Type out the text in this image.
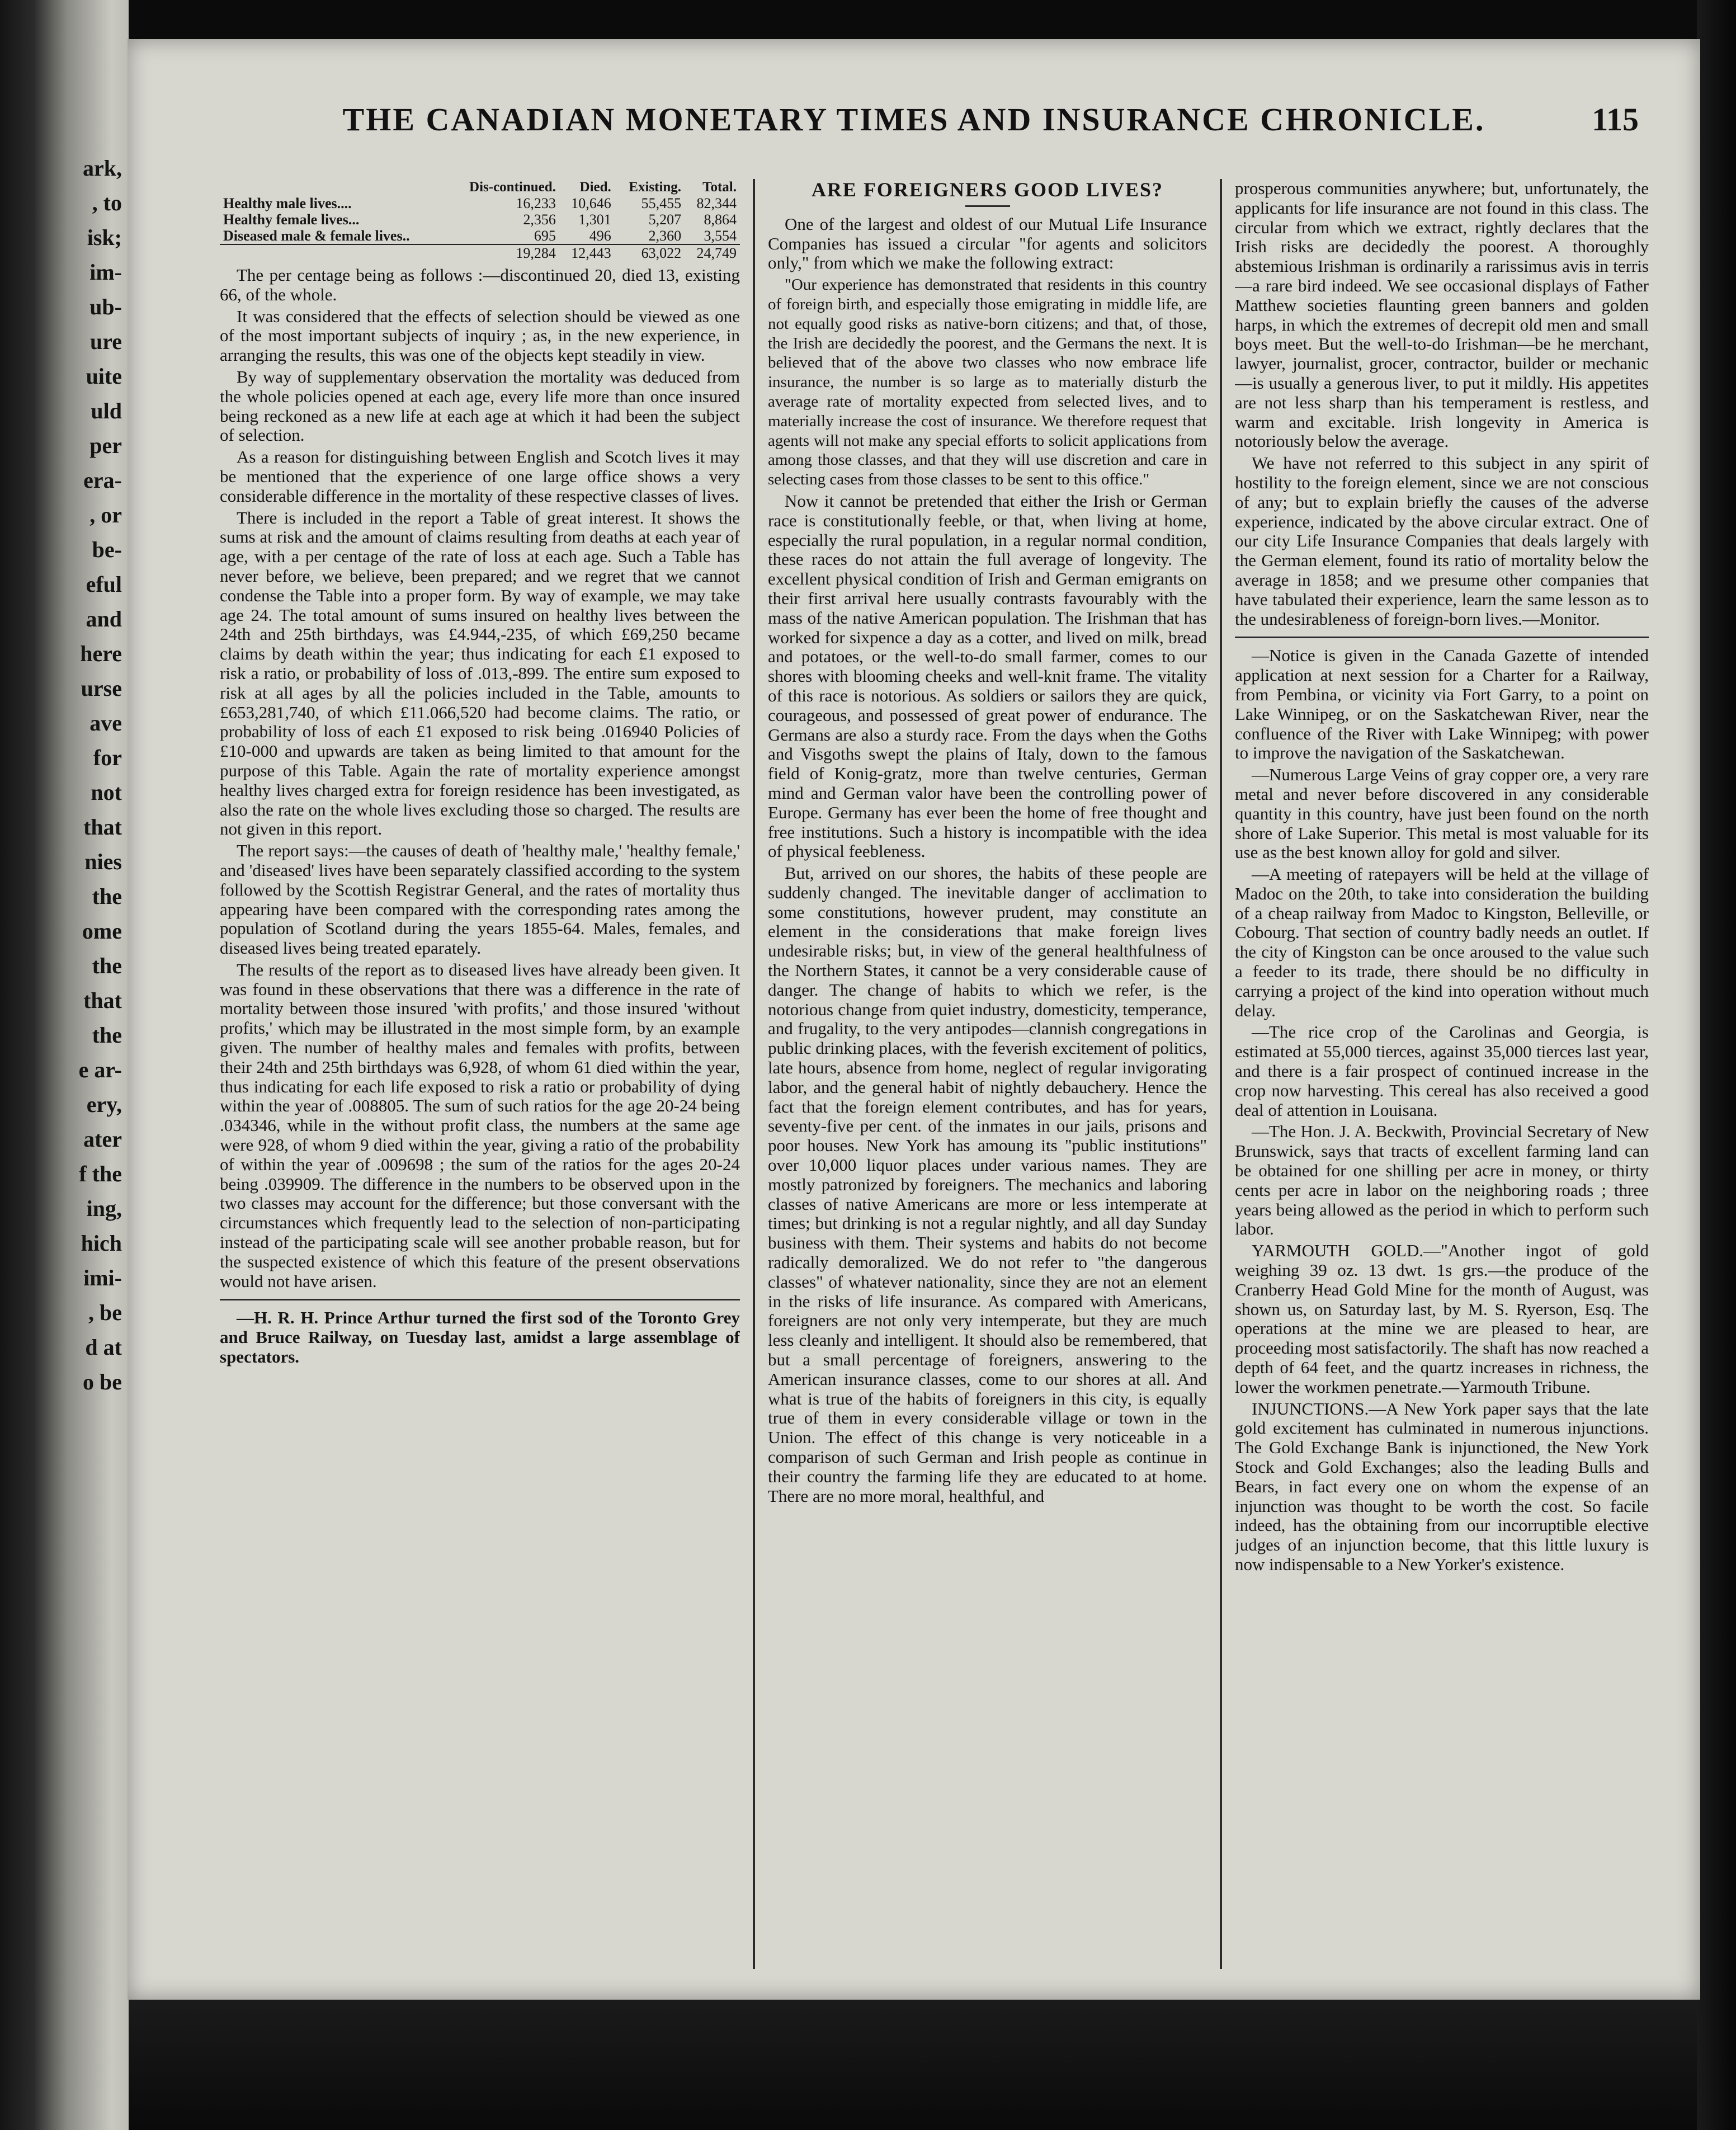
ark,
, to
isk;
im-
ub-
ure
uite
uld
per
era-
, or
be-
eful
and
here
urse
ave
for
not
that
nies
the
ome
the
that
the
e ar-
ery,
ater
f the
ing,
hich
imi-
, be
d at
o be
THE CANADIAN MONETARY TIMES AND INSURANCE CHRONICLE.	115
	Dis-continued.	Died.	Existing.	Total.
Healthy male lives....	16,233	10,646	55,455	82,344
Healthy female lives...	2,356	1,301	5,207	8,864
Diseased male & female lives..	695	496	2,360	3,554
	19,284	12,443	63,022	24,749

The per centage being as follows :—discontinued 20, died 13, existing 66, of the whole.

It was considered that the effects of selection should be viewed as one of the most important subjects of inquiry ; as, in the new experience, in arranging the results, this was one of the objects kept steadily in view.

By way of supplementary observation the mortality was deduced from the whole policies opened at each age, every life more than once insured being reckoned as a new life at each age at which it had been the subject of selection.

As a reason for distinguishing between English and Scotch lives it may be mentioned that the experience of one large office shows a very considerable difference in the mortality of these respective classes of lives.

There is included in the report a Table of great interest. It shows the sums at risk and the amount of claims resulting from deaths at each year of age, with a per centage of the rate of loss at each age. Such a Table has never before, we believe, been prepared; and we regret that we cannot condense the Table into a proper form. By way of example, we may take age 24. The total amount of sums insured on healthy lives between the 24th and 25th birthdays, was £4.944,-235, of which £69,250 became claims by death within the year; thus indicating for each £1 exposed to risk a ratio, or probability of loss of .013,-899. The entire sum exposed to risk at all ages by all the policies included in the Table, amounts to £653,281,740, of which £11.066,520 had become claims. The ratio, or probability of loss of each £1 exposed to risk being .016940 Policies of £10-000 and upwards are taken as being limited to that amount for the purpose of this Table. Again the rate of mortality experience amongst healthy lives charged extra for foreign residence has been investigated, as also the rate on the whole lives excluding those so charged. The results are not given in this report.

The report says:—the causes of death of 'healthy male,' 'healthy female,' and 'diseased' lives have been separately classified according to the system followed by the Scottish Registrar General, and the rates of mortality thus appearing have been compared with the corresponding rates among the population of Scotland during the years 1855-64. Males, females, and diseased lives being treated eparately.

The results of the report as to diseased lives have already been given. It was found in these observations that there was a difference in the rate of mortality between those insured 'with profits,' and those insured 'without profits,' which may be illustrated in the most simple form, by an example given. The number of healthy males and females with profits, between their 24th and 25th birthdays was 6,928, of whom 61 died within the year, thus indicating for each life exposed to risk a ratio or probability of dying within the year of .008805. The sum of such ratios for the age 20-24 being .034346, while in the without profit class, the numbers at the same age were 928, of whom 9 died within the year, giving a ratio of the probability of within the year of .009698 ; the sum of the ratios for the ages 20-24 being .039909. The difference in the numbers to be observed upon in the two classes may account for the difference; but those conversant with the circumstances which frequently lead to the selection of non-participating instead of the participating scale will see another probable reason, but for the suspected existence of which this feature of the present observations would not have arisen.

—H. R. H. Prince Arthur turned the first sod of the Toronto Grey and Bruce Railway, on Tuesday last, amidst a large assemblage of spectators.

ARE FOREIGNERS GOOD LIVES?

One of the largest and oldest of our Mutual Life Insurance Companies has issued a circular "for agents and solicitors only," from which we make the following extract:

"Our experience has demonstrated that residents in this country of foreign birth, and especially those emigrating in middle life, are not equally good risks as native-born citizens; and that, of those, the Irish are decidedly the poorest, and the Germans the next. It is believed that of the above two classes who now embrace life insurance, the number is so large as to materially disturb the average rate of mortality expected from selected lives, and to materially increase the cost of insurance. We therefore request that agents will not make any special efforts to solicit applications from among those classes, and that they will use discretion and care in selecting cases from those classes to be sent to this office."

Now it cannot be pretended that either the Irish or German race is constitutionally feeble, or that, when living at home, especially the rural population, in a regular normal condition, these races do not attain the full average of longevity. The excellent physical condition of Irish and German emigrants on their first arrival here usually contrasts favourably with the mass of the native American population. The Irishman that has worked for sixpence a day as a cotter, and lived on milk, bread and potatoes, or the well-to-do small farmer, comes to our shores with blooming cheeks and well-knit frame. The vitality of this race is notorious. As soldiers or sailors they are quick, courageous, and possessed of great power of endurance. The Germans are also a sturdy race. From the days when the Goths and Visgoths swept the plains of Italy, down to the famous field of Konig-gratz, more than twelve centuries, German mind and German valor have been the controlling power of Europe. Germany has ever been the home of free thought and free institutions. Such a history is incompatible with the idea of physical feebleness.

But, arrived on our shores, the habits of these people are suddenly changed. The inevitable danger of acclimation to some constitutions, however prudent, may constitute an element in the considerations that make foreign lives undesirable risks; but, in view of the general healthfulness of the Northern States, it cannot be a very considerable cause of danger. The change of habits to which we refer, is the notorious change from quiet industry, domesticity, temperance, and frugality, to the very antipodes—clannish congregations in public drinking places, with the feverish excitement of politics, late hours, absence from home, neglect of regular invigorating labor, and the general habit of nightly debauchery. Hence the fact that the foreign element contributes, and has for years, seventy-five per cent. of the inmates in our jails, prisons and poor houses. New York has amoung its "public institutions" over 10,000 liquor places under various names. They are mostly patronized by foreigners. The mechanics and laboring classes of native Americans are more or less intemperate at times; but drinking is not a regular nightly, and all day Sunday business with them. Their systems and habits do not become radically demoralized. We do not refer to "the dangerous classes" of whatever nationality, since they are not an element in the risks of life insurance. As compared with Americans, foreigners are not only very intemperate, but they are much less cleanly and intelligent. It should also be remembered, that but a small percentage of foreigners, answering to the American insurance classes, come to our shores at all. And what is true of the habits of foreigners in this city, is equally true of them in every considerable village or town in the Union. The effect of this change is very noticeable in a comparison of such German and Irish people as continue in their country the farming life they are educated to at home. There are no more moral, healthful, and

prosperous communities anywhere; but, unfortunately, the applicants for life insurance are not found in this class. The circular from which we extract, rightly declares that the Irish risks are decidedly the poorest. A thoroughly abstemious Irishman is ordinarily a rarissimus avis in terris—a rare bird indeed. We see occasional displays of Father Matthew societies flaunting green banners and golden harps, in which the extremes of decrepit old men and small boys meet. But the well-to-do Irishman—be he merchant, lawyer, journalist, grocer, contractor, builder or mechanic—is usually a generous liver, to put it mildly. His appetites are not less sharp than his temperament is restless, and warm and excitable. Irish longevity in America is notoriously below the average.

We have not referred to this subject in any spirit of hostility to the foreign element, since we are not conscious of any; but to explain briefly the causes of the adverse experience, indicated by the above circular extract. One of our city Life Insurance Companies that deals largely with the German element, found its ratio of mortality below the average in 1858; and we presume other companies that have tabulated their experience, learn the same lesson as to the undesirableness of foreign-born lives.—Monitor.

—Notice is given in the Canada Gazette of intended application at next session for a Charter for a Railway, from Pembina, or vicinity via Fort Garry, to a point on Lake Winnipeg, or on the Saskatchewan River, near the confluence of the River with Lake Winnipeg; with power to improve the navigation of the Saskatchewan.

—Numerous Large Veins of gray copper ore, a very rare metal and never before discovered in any considerable quantity in this country, have just been found on the north shore of Lake Superior. This metal is most valuable for its use as the best known alloy for gold and silver.

—A meeting of ratepayers will be held at the village of Madoc on the 20th, to take into consideration the building of a cheap railway from Madoc to Kingston, Belleville, or Cobourg. That section of country badly needs an outlet. If the city of Kingston can be once aroused to the value such a feeder to its trade, there should be no difficulty in carrying a project of the kind into operation without much delay.

—The rice crop of the Carolinas and Georgia, is estimated at 55,000 tierces, against 35,000 tierces last year, and there is a fair prospect of continued increase in the crop now harvesting. This cereal has also received a good deal of attention in Louisana.

—The Hon. J. A. Beckwith, Provincial Secretary of New Brunswick, says that tracts of excellent farming land can be obtained for one shilling per acre in money, or thirty cents per acre in labor on the neighboring roads ; three years being allowed as the period in which to perform such labor.

YARMOUTH GOLD.—"Another ingot of gold weighing 39 oz. 13 dwt. 1s grs.—the produce of the Cranberry Head Gold Mine for the month of August, was shown us, on Saturday last, by M. S. Ryerson, Esq. The operations at the mine we are pleased to hear, are proceeding most satisfactorily. The shaft has now reached a depth of 64 feet, and the quartz increases in richness, the lower the workmen penetrate.—Yarmouth Tribune.

INJUNCTIONS.—A New York paper says that the late gold excitement has culminated in numerous injunctions. The Gold Exchange Bank is injunctioned, the New York Stock and Gold Exchanges; also the leading Bulls and Bears, in fact every one on whom the expense of an injunction was thought to be worth the cost. So facile indeed, has the obtaining from our incorruptible elective judges of an injunction become, that this little luxury is now indispensable to a New Yorker's existence.
